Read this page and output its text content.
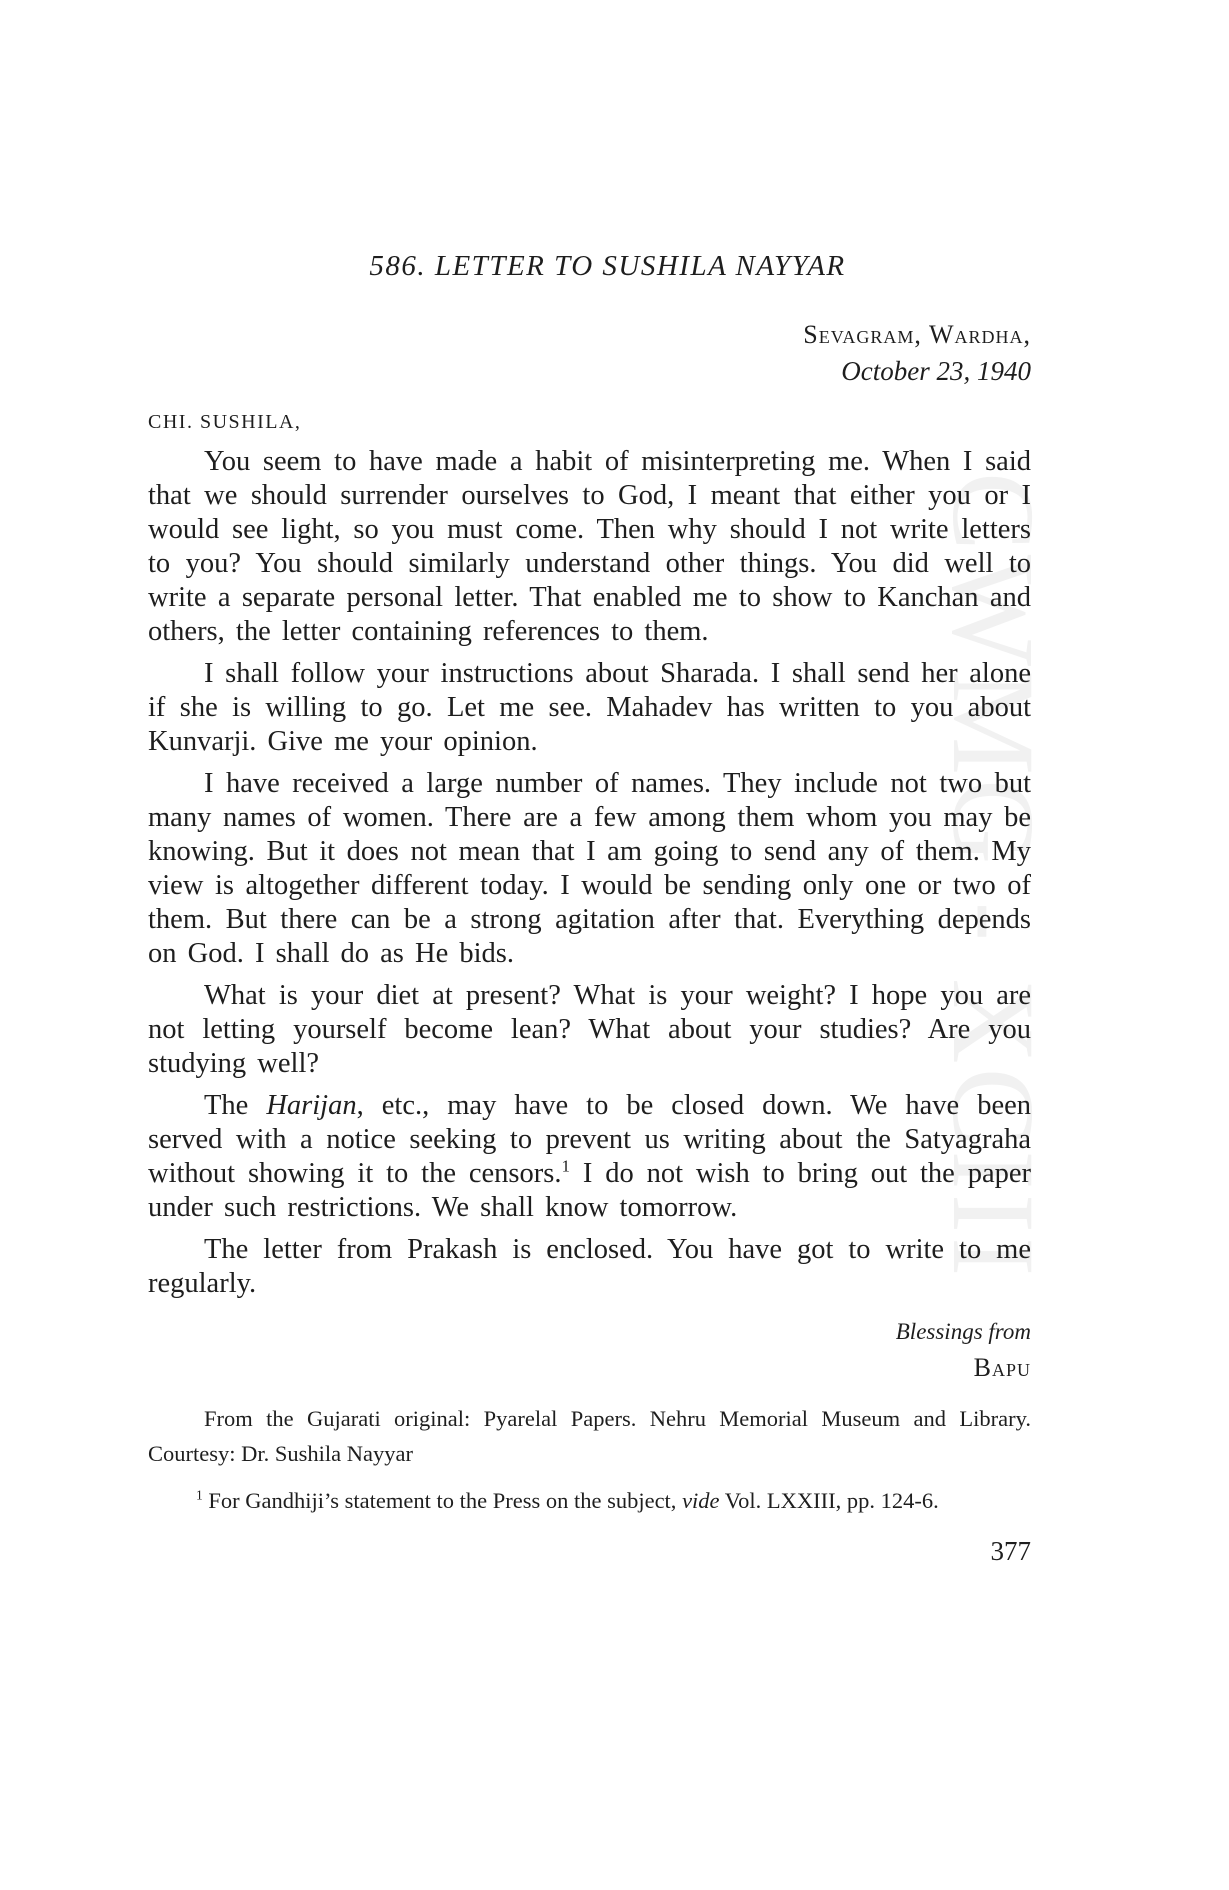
CWMG - XCIII
586. LETTER TO SUSHILA NAYYAR
Sevagram, Wardha,
October 23, 1940
CHI. SUSHILA,

You seem to have made a habit of misinterpreting me. When I said that we should surrender ourselves to God, I meant that either you or I would see light, so you must come. Then why should I not write letters to you? You should similarly understand other things. You did well to write a separate personal letter. That enabled me to show to Kanchan and others, the letter containing references to them.

I shall follow your instructions about Sharada. I shall send her alone if she is willing to go. Let me see. Mahadev has written to you about Kunvarji. Give me your opinion.

I have received a large number of names. They include not two but many names of women. There are a few among them whom you may be knowing. But it does not mean that I am going to send any of them. My view is altogether different today. I would be sending only one or two of them. But there can be a strong agitation after that. Everything depends on God. I shall do as He bids.

What is your diet at present? What is your weight? I hope you are not letting yourself become lean? What about your studies? Are you studying well?

The Harijan, etc., may have to be closed down. We have been served with a notice seeking to prevent us writing about the Satyagraha without showing it to the censors.$^1$ I do not wish to bring out the paper under such restrictions. We shall know tomorrow.

The letter from Prakash is enclosed. You have got to write to me regularly.

Blessings from
Bapu
From the Gujarati original: Pyarelal Papers. Nehru Memorial Museum and Library. Courtesy: Dr. Sushila Nayyar
$^1$ For Gandhiji’s statement to the Press on the subject, vide Vol. LXXIII, pp. 124-6.
377
